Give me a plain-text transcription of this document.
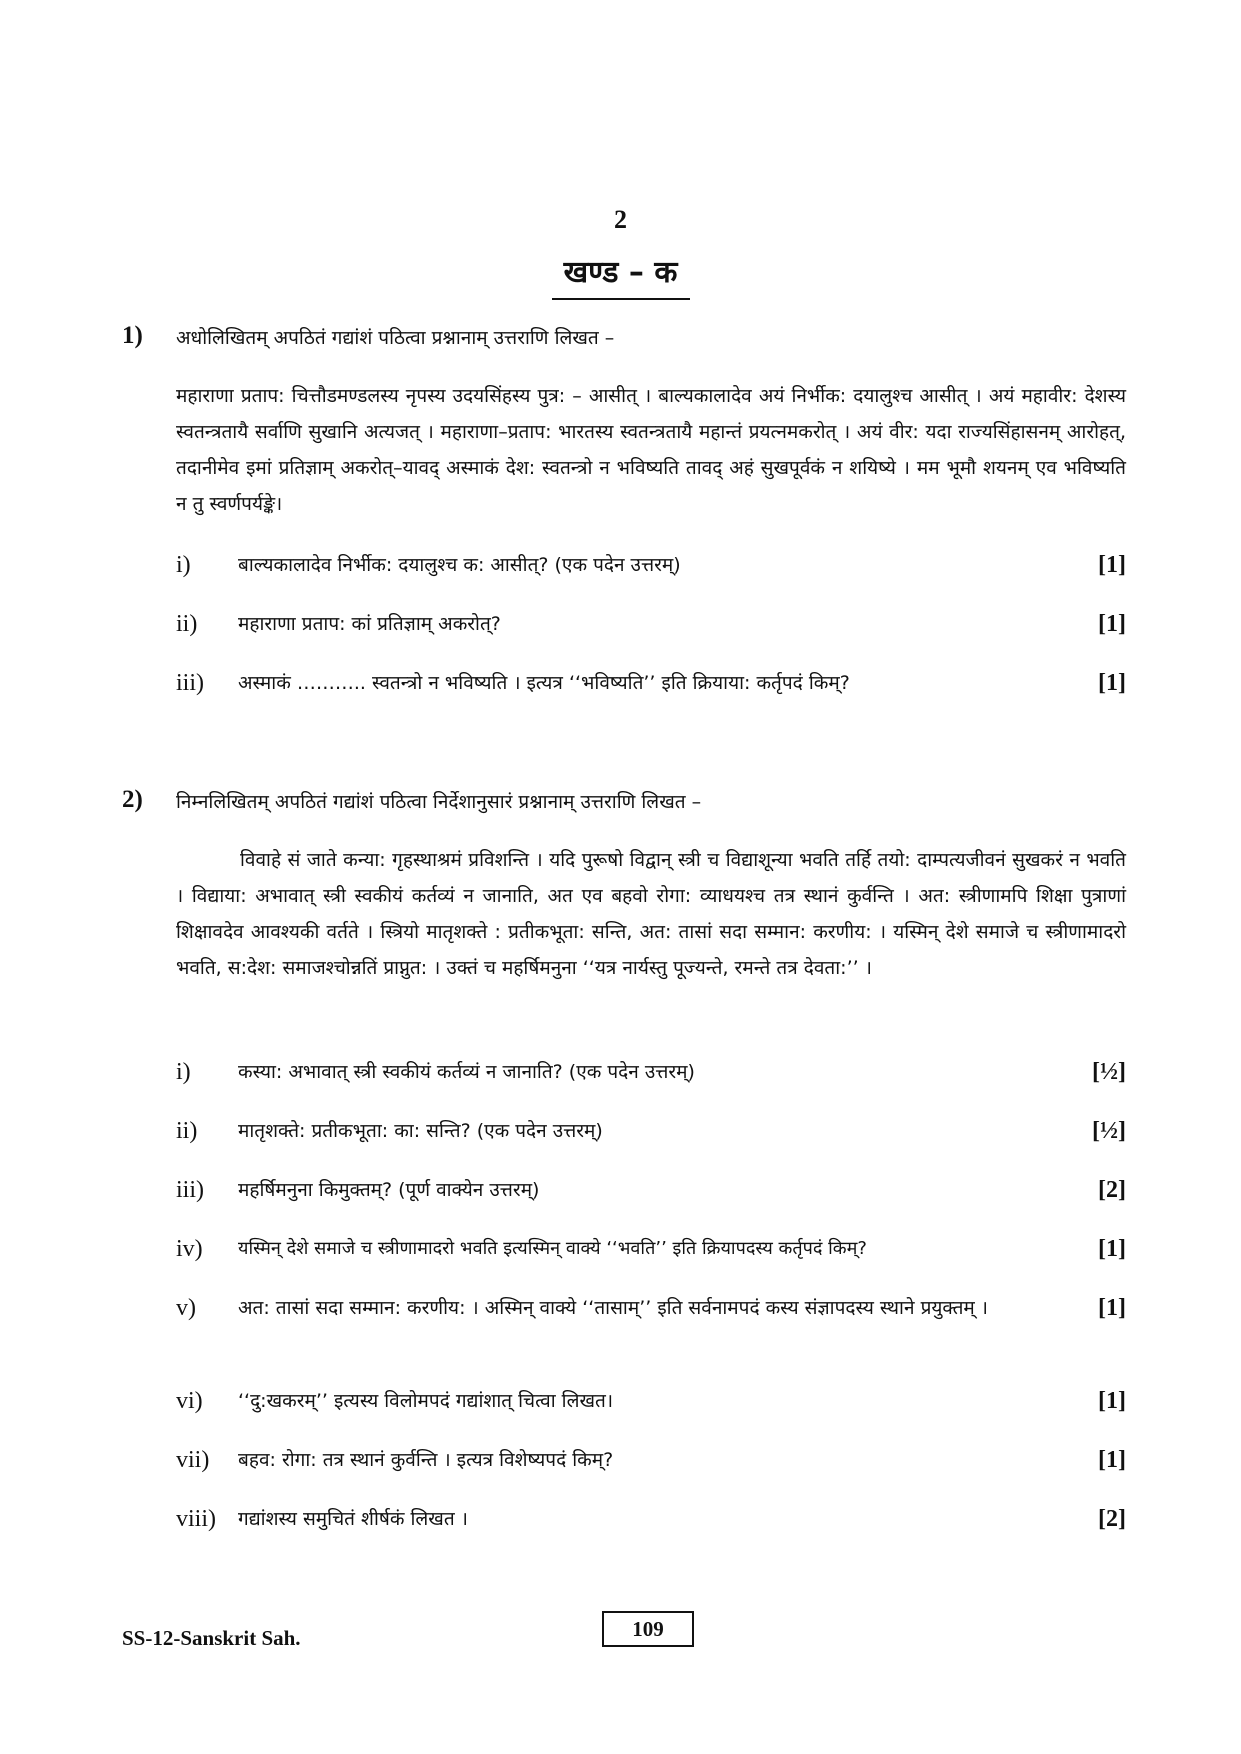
2
खण्ड – क
1) अधोलिखितम् अपठितं गद्यांशं पठित्वा प्रश्नानाम् उत्तराणि लिखत –
महाराणा प्रताप: चित्तौडमण्डलस्य नृपस्य उदयसिंहस्य पुत्र: – आसीत् । बाल्यकालादेव अयं निर्भीक: दयालुश्च आसीत् । अयं महावीर: देशस्य स्वतन्त्रतायै सर्वाणि सुखानि अत्यजत् । महाराणा–प्रताप: भारतस्य स्वतन्त्रतायै महान्तं प्रयत्नमकरोत् । अयं वीर: यदा राज्यसिंहासनम् आरोहत्, तदानीमेव इमां प्रतिज्ञाम् अकरोत्–यावद् अस्माकं देश: स्वतन्त्रो न भविष्यति तावद् अहं सुखपूर्वकं न शयिष्ये । मम भूमौ शयनम् एव भविष्यति न तु स्वर्णपर्यङ्के।
i) बाल्यकालादेव निर्भीक: दयालुश्च क: आसीत्? (एक पदेन उत्तरम्)	[1]
ii) महाराणा प्रताप: कां प्रतिज्ञाम् अकरोत्?	[1]
iii) अस्माकं ……….. स्वतन्त्रो न भविष्यति । इत्यत्र ‘‘भविष्यति’’ इति क्रियाया: कर्तृपदं किम्?	[1]
2) निम्नलिखितम् अपठितं गद्यांशं पठित्वा निर्देशानुसारं प्रश्नानाम् उत्तराणि लिखत –
विवाहे सं जाते कन्या: गृहस्थाश्रमं प्रविशन्ति । यदि पुरूषो विद्वान् स्त्री च विद्याशून्या भवति तर्हि तयो: दाम्पत्यजीवनं सुखकरं न भवति । विद्याया: अभावात् स्त्री स्वकीयं कर्तव्यं न जानाति, अत एव बहवो रोगा: व्याधयश्च तत्र स्थानं कुर्वन्ति । अत: स्त्रीणामपि शिक्षा पुत्राणां शिक्षावदेव आवश्यकी वर्तते । स्त्रियो मातृशक्ते : प्रतीकभूता: सन्ति, अत: तासां सदा सम्मान: करणीय: । यस्मिन् देशे समाजे च स्त्रीणामादरो भवति, स:देश: समाजश्चोन्नतिं प्राप्नुत: । उक्तं च महर्षिमनुना ‘‘यत्र नार्यस्तु पूज्यन्ते, रमन्ते तत्र देवता:’’ ।
i) कस्या: अभावात् स्त्री स्वकीयं कर्तव्यं न जानाति? (एक पदेन उत्तरम्)	[½]
ii) मातृशक्ते: प्रतीकभूता: का: सन्ति? (एक पदेन उत्तरम्)	[½]
iii) महर्षिमनुना किमुक्तम्? (पूर्ण वाक्येन उत्तरम्)	[2]
iv) यस्मिन् देशे समाजे च स्त्रीणामादरो भवति इत्यस्मिन् वाक्ये ‘‘भवति’’ इति क्रियापदस्य कर्तृपदं किम्?	[1]
v) अत: तासां सदा सम्मान: करणीय: । अस्मिन् वाक्ये ‘‘तासाम्’’ इति सर्वनामपदं कस्य संज्ञापदस्य स्थाने प्रयुक्तम् ।	[1]
vi) ‘‘दु:खकरम्’’ इत्यस्य विलोमपदं गद्यांशात् चित्वा लिखत।	[1]
vii) बहव: रोगा: तत्र स्थानं कुर्वन्ति । इत्यत्र विशेष्यपदं किम्?	[1]
viii) गद्यांशस्य समुचितं शीर्षकं लिखत ।	[2]
SS-12-Sanskrit Sah.	109
